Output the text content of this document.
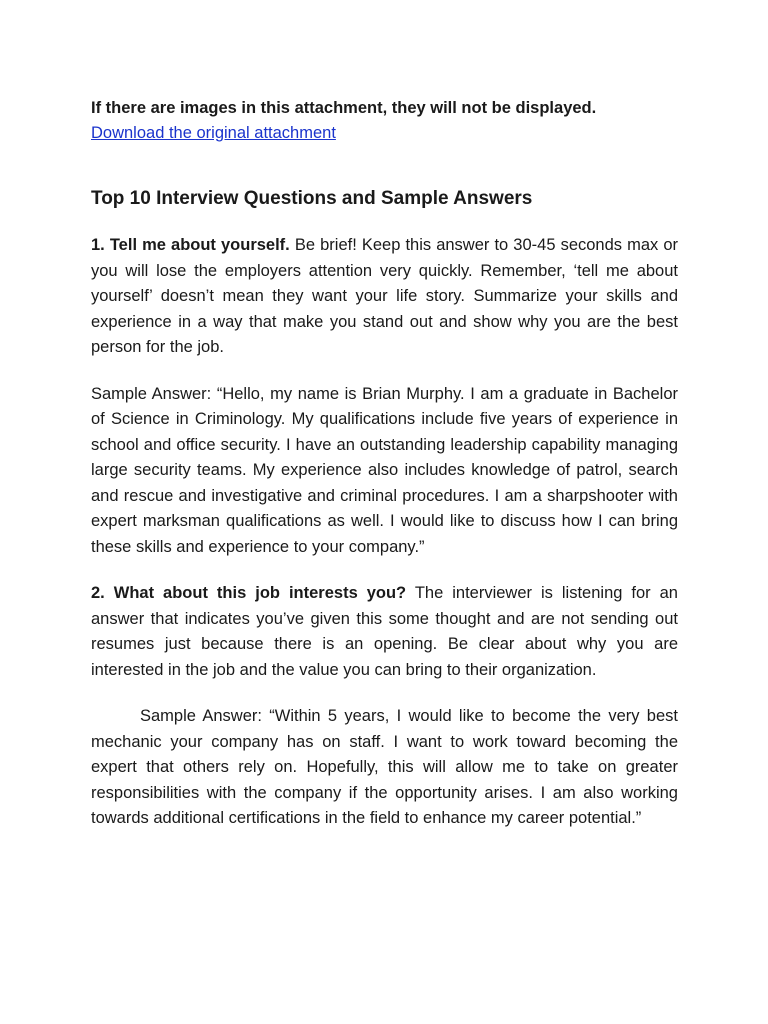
If there are images in this attachment, they will not be displayed.
Download the original attachment

Top 10 Interview Questions and Sample Answers

1. Tell me about yourself. Be brief! Keep this answer to 30-45 seconds max or you will lose the employers attention very quickly. Remember, ‘tell me about yourself’ doesn’t mean they want your life story. Summarize your skills and experience in a way that make you stand out and show why you are the best person for the job.

Sample Answer: “Hello, my name is Brian Murphy. I am a graduate in Bachelor of Science in Criminology. My qualifications include five years of experience in school and office security. I have an outstanding leadership capability managing large security teams. My experience also includes knowledge of patrol, search and rescue and investigative and criminal procedures. I am a sharpshooter with expert marksman qualifications as well. I would like to discuss how I can bring these skills and experience to your company.”

2. What about this job interests you? The interviewer is listening for an answer that indicates you’ve given this some thought and are not sending out resumes just because there is an opening. Be clear about why you are interested in the job and the value you can bring to their organization.

Sample Answer: “Within 5 years, I would like to become the very best mechanic your company has on staff. I want to work toward becoming the expert that others rely on. Hopefully, this will allow me to take on greater responsibilities with the company if the opportunity arises. I am also working towards additional certifications in the field to enhance my career potential.”
